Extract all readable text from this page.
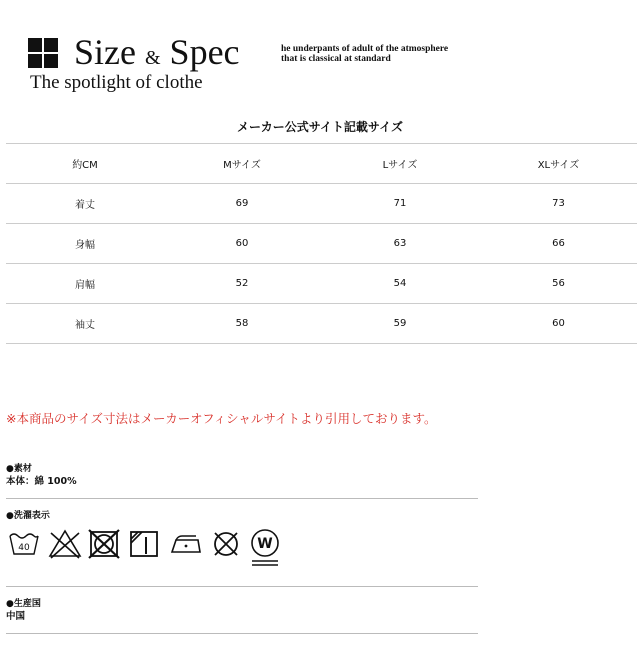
Size & Spec
The spotlight of clothe
he underpants of adult of the atmosphere
that is classical at standard
メーカー公式サイト記載サイズ
約CM	Mサイズ	Lサイズ	XLサイズ
着丈	69	71	73
身幅	60	63	66
肩幅	52	54	56
袖丈	58	59	60
※本商品のサイズ寸法はメーカーオフィシャルサイトより引用しております。
●素材
本体：綿 100%
●洗濯表示
40	W
●生産国
中国
